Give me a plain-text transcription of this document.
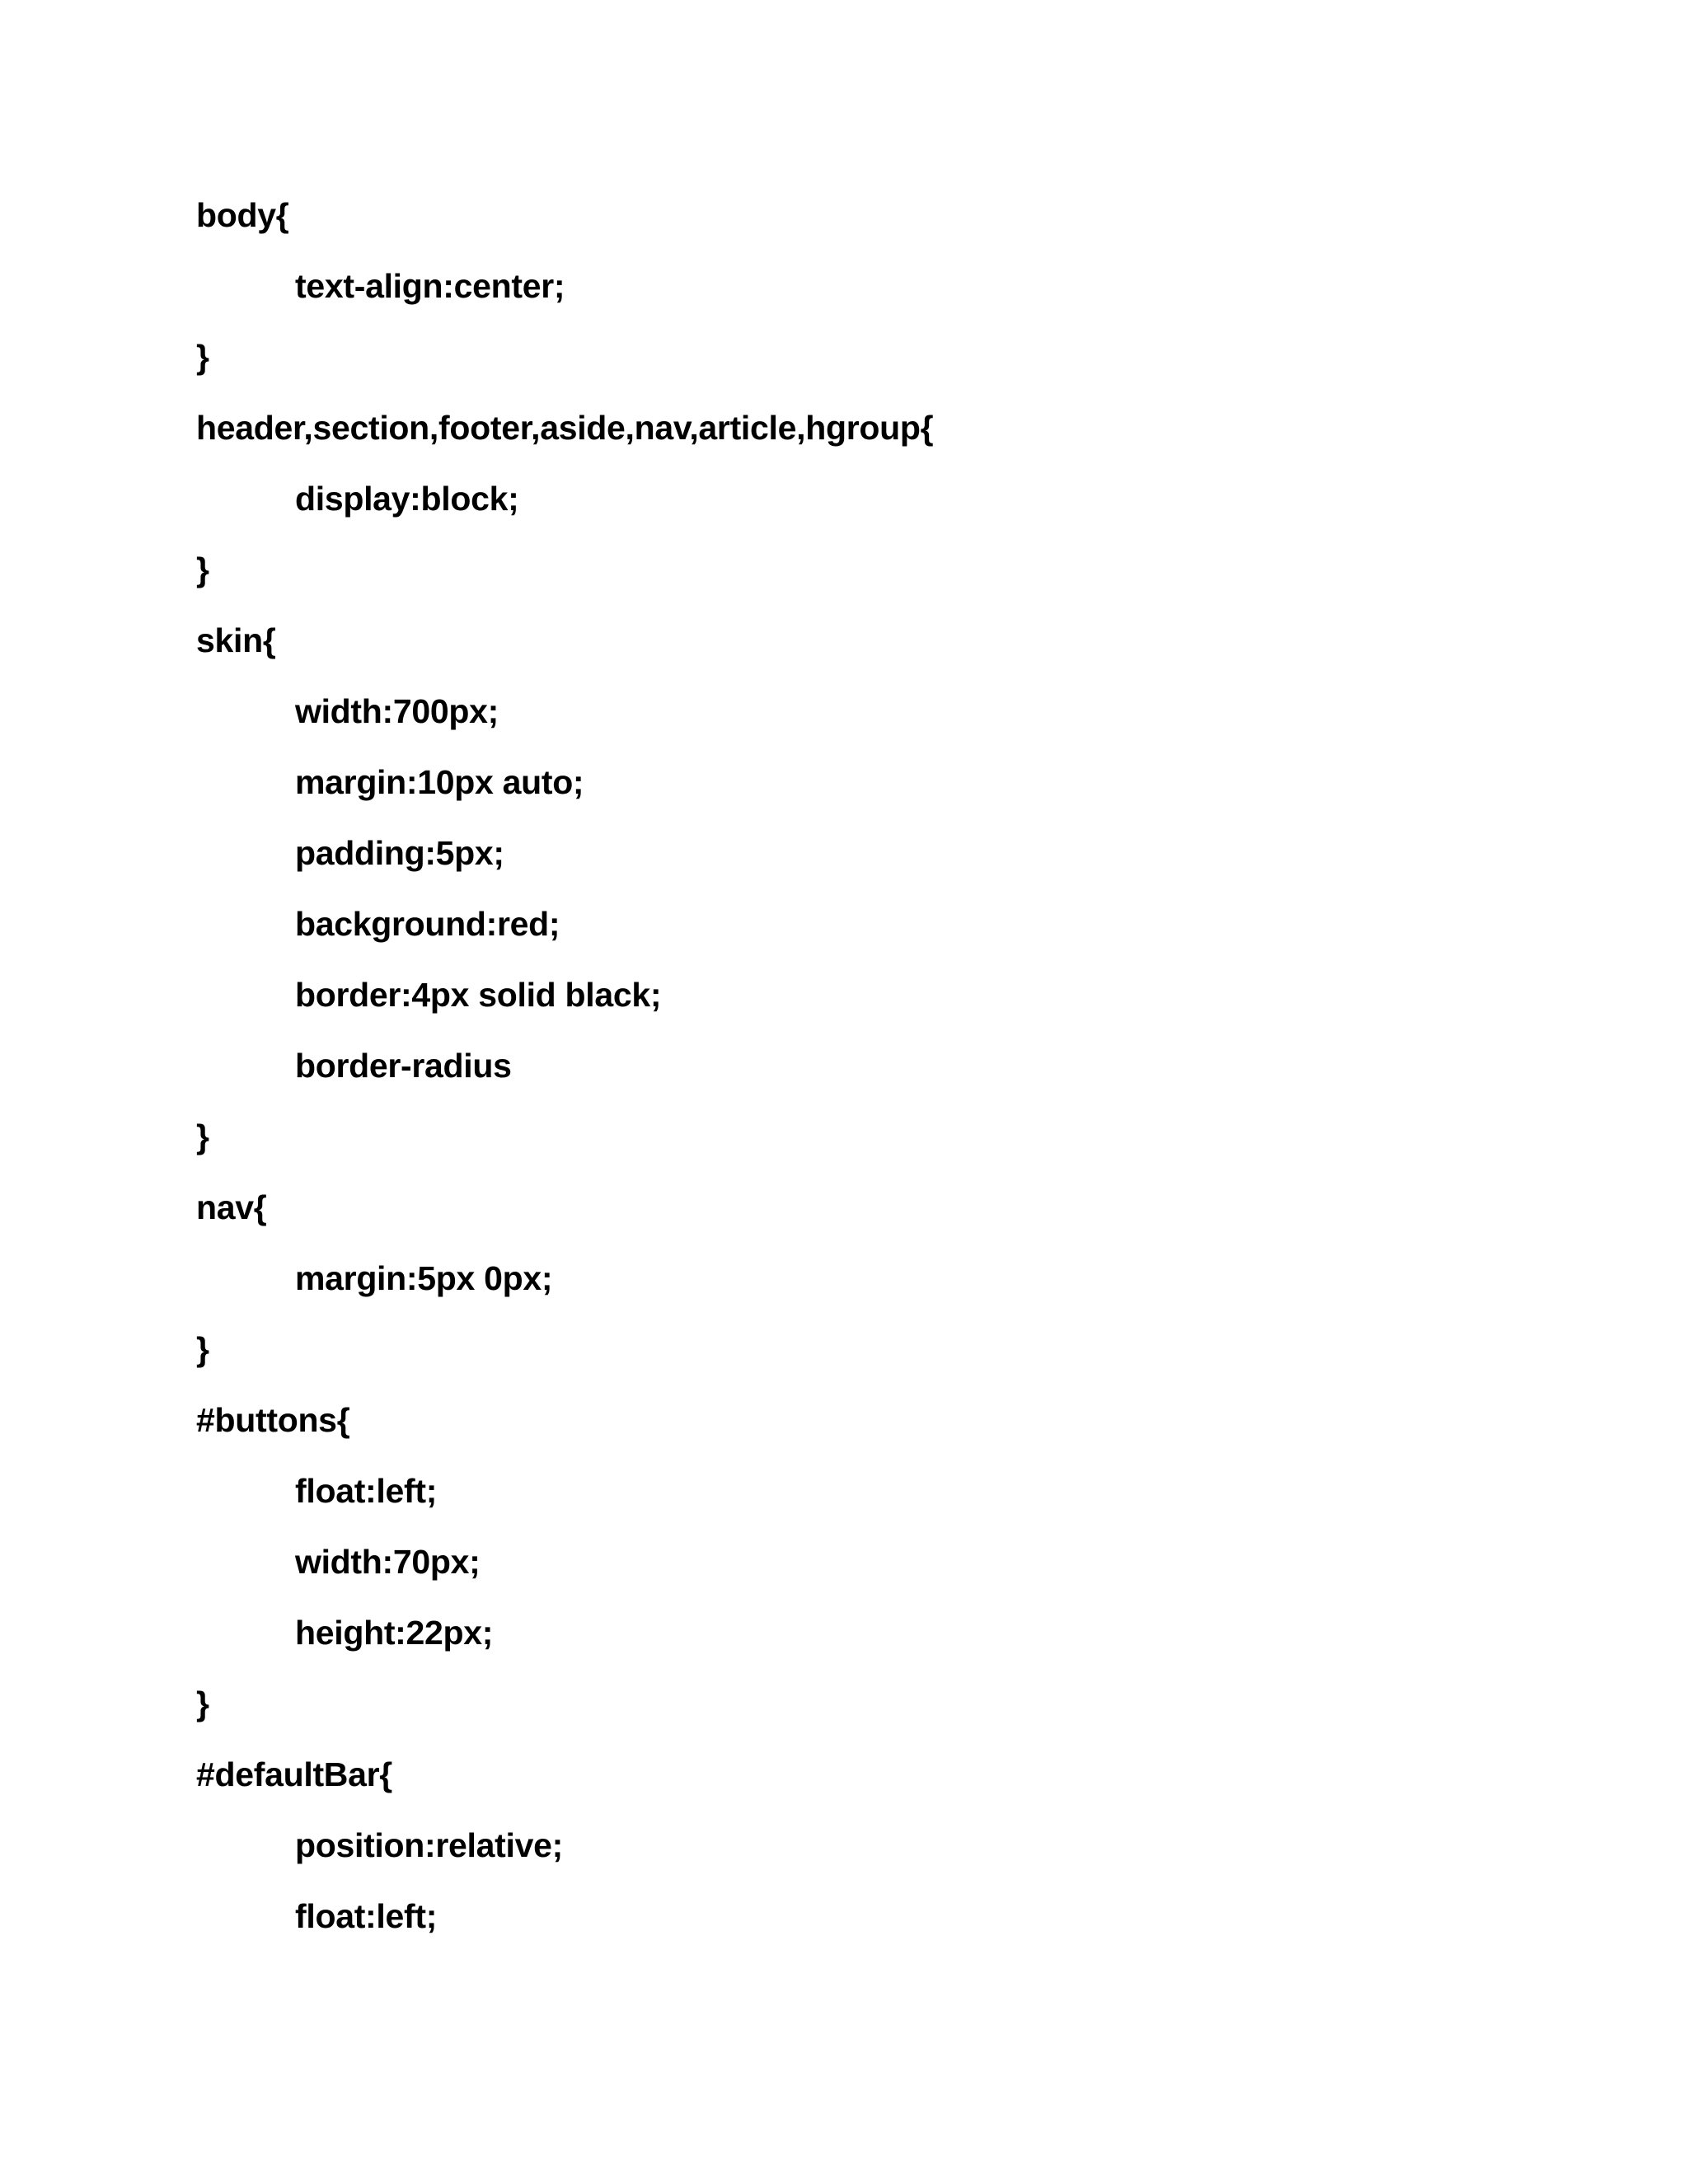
body{
text-align:center;
}
header,section,footer,aside,nav,article,hgroup{
display:block;
}
skin{
width:700px;
margin:10px auto;
padding:5px;
background:red;
border:4px solid black;
border-radius
}
nav{
margin:5px 0px;
}
#buttons{
float:left;
width:70px;
height:22px;
}
#defaultBar{
position:relative;
float:left;
